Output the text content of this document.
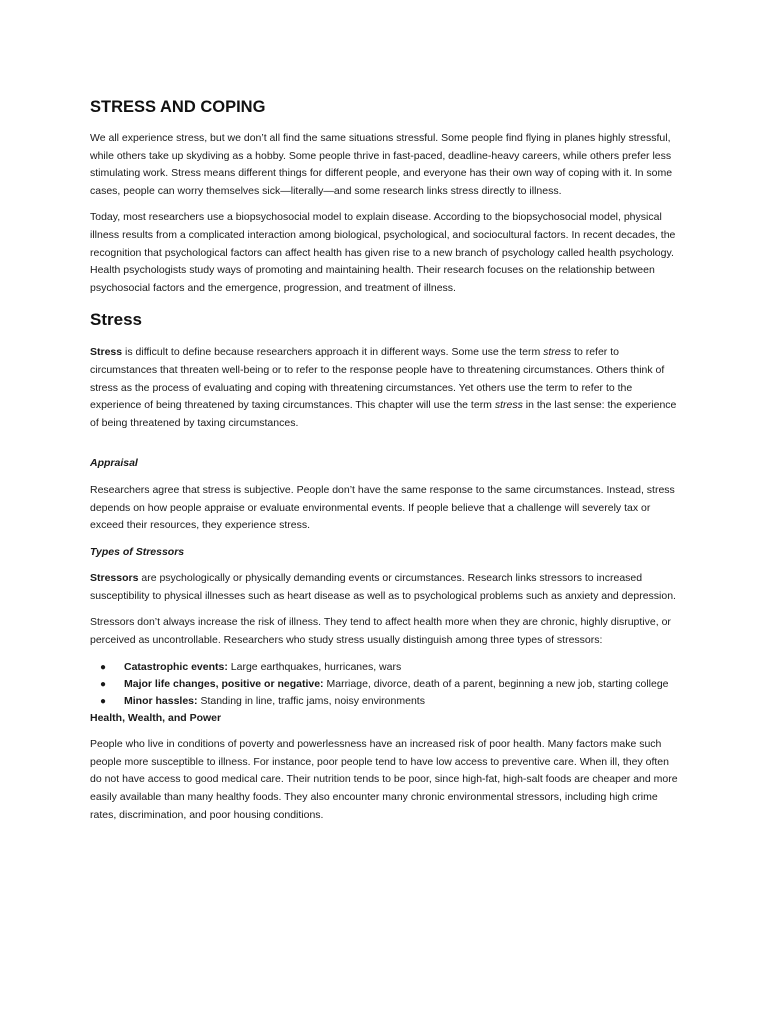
STRESS AND COPING

We all experience stress, but we don’t all find the same situations stressful. Some people find flying in planes highly stressful, while others take up skydiving as a hobby. Some people thrive in fast-paced, deadline-heavy careers, while others prefer less stimulating work. Stress means different things for different people, and everyone has their own way of coping with it. In some cases, people can worry themselves sick—literally—and some research links stress directly to illness.

Today, most researchers use a biopsychosocial model to explain disease. According to the biopsychosocial model, physical illness results from a complicated interaction among biological, psychological, and sociocultural factors. In recent decades, the recognition that psychological factors can affect health has given rise to a new branch of psychology called health psychology. Health psychologists study ways of promoting and maintaining health. Their research focuses on the relationship between psychosocial factors and the emergence, progression, and treatment of illness.

Stress

Stress is difficult to define because researchers approach it in different ways. Some use the term stress to refer to circumstances that threaten well-being or to refer to the response people have to threatening circumstances. Others think of stress as the process of evaluating and coping with threatening circumstances. Yet others use the term to refer to the experience of being threatened by taxing circumstances. This chapter will use the term stress in the last sense: the experience of being threatened by taxing circumstances.

Appraisal

Researchers agree that stress is subjective. People don’t have the same response to the same circumstances. Instead, stress depends on how people appraise or evaluate environmental events. If people believe that a challenge will severely tax or exceed their resources, they experience stress.

Types of Stressors

Stressors are psychologically or physically demanding events or circumstances. Research links stressors to increased susceptibility to physical illnesses such as heart disease as well as to psychological problems such as anxiety and depression.

Stressors don’t always increase the risk of illness. They tend to affect health more when they are chronic, highly disruptive, or perceived as uncontrollable. Researchers who study stress usually distinguish among three types of stressors:

● Catastrophic events: Large earthquakes, hurricanes, wars
● Major life changes, positive or negative: Marriage, divorce, death of a parent, beginning a new job, starting college
● Minor hassles: Standing in line, traffic jams, noisy environments
Health, Wealth, and Power

People who live in conditions of poverty and powerlessness have an increased risk of poor health. Many factors make such people more susceptible to illness. For instance, poor people tend to have low access to preventive care. When ill, they often do not have access to good medical care. Their nutrition tends to be poor, since high-fat, high-salt foods are cheaper and more easily available than many healthy foods. They also encounter many chronic environmental stressors, including high crime rates, discrimination, and poor housing conditions.
